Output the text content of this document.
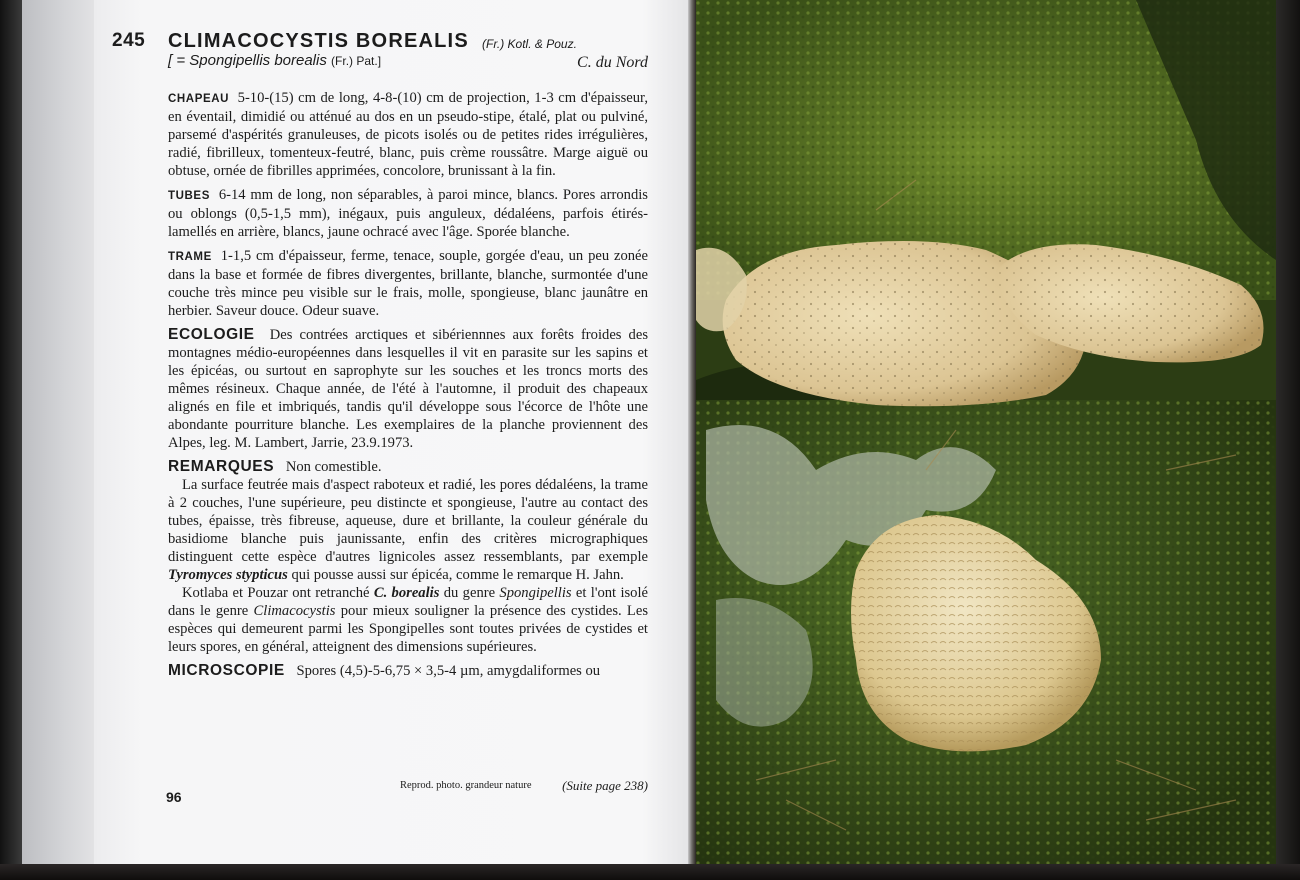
245 CLIMACOCYSTIS BOREALIS (Fr.) Kotl. & Pouz.
[ = Spongipellis borealis (Fr.) Pat.]	C. du Nord

CHAPEAU 5-10-(15) cm de long, 4-8-(10) cm de projection, 1-3 cm d'épaisseur, en éventail, dimidié ou atténué au dos en un pseudo-stipe, étalé, plat ou pulviné, parsemé d'aspérités granuleuses, de picots isolés ou de petites rides irrégulières, radié, fibrilleux, tomenteux-feutré, blanc, puis crème roussâtre. Marge aiguë ou obtuse, ornée de fibrilles apprimées, concolore, brunissant à la fin.

TUBES 6-14 mm de long, non séparables, à paroi mince, blancs. Pores arrondis ou oblongs (0,5-1,5 mm), inégaux, puis anguleux, dédaléens, parfois étirés-lamellés en arrière, blancs, jaune ochracé avec l'âge. Sporée blanche.

TRAME 1-1,5 cm d'épaisseur, ferme, tenace, souple, gorgée d'eau, un peu zonée dans la base et formée de fibres divergentes, brillante, blanche, surmontée d'une couche très mince peu visible sur le frais, molle, spongieuse, blanc jaunâtre en herbier. Saveur douce. Odeur suave.

ECOLOGIE Des contrées arctiques et sibériennnes aux forêts froides des montagnes médio-européennes dans lesquelles il vit en parasite sur les sapins et les épicéas, ou surtout en saprophyte sur les souches et les troncs morts des mêmes résineux. Chaque année, de l'été à l'automne, il produit des chapeaux alignés en file et imbriqués, tandis qu'il développe sous l'écorce de l'hôte une abondante pourriture blanche. Les exemplaires de la planche proviennent des Alpes, leg. M. Lambert, Jarrie, 23.9.1973.

REMARQUES Non comestible.

La surface feutrée mais d'aspect raboteux et radié, les pores dédaléens, la trame à 2 couches, l'une supérieure, peu distincte et spongieuse, l'autre au contact des tubes, épaisse, très fibreuse, aqueuse, dure et brillante, la couleur générale du basidiome blanche puis jaunissante, enfin des critères micrographiques distinguent cette espèce d'autres lignicoles assez ressemblants, par exemple Tyromyces stypticus qui pousse aussi sur épicéa, comme le remarque H. Jahn.

Kotlaba et Pouzar ont retranché C. borealis du genre Spongipellis et l'ont isolé dans le genre Climacocystis pour mieux souligner la présence des cystides. Les espèces qui demeurent parmi les Spongipelles sont toutes privées de cystides et leurs spores, en général, atteignent des dimensions supérieures.

MICROSCOPIE Spores (4,5)-5-6,75 × 3,5-4 µm, amygdaliformes ou

96
Reprod. photo. grandeur nature (Suite page 238)
